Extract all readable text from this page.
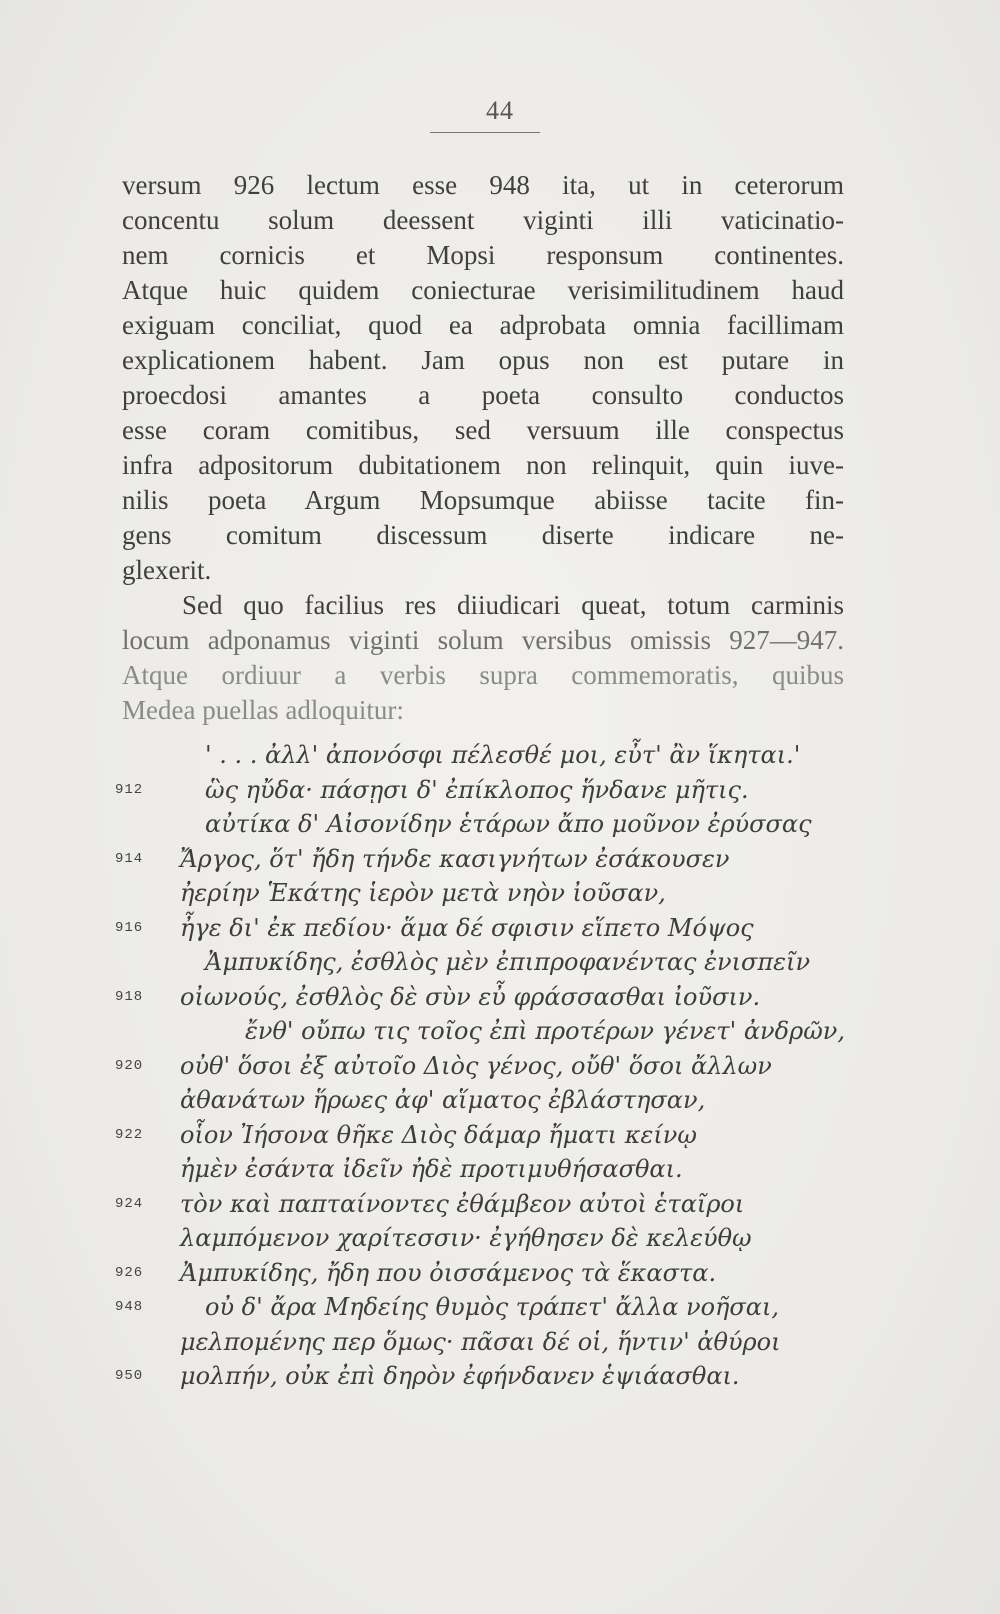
44
versum 926 lectum esse 948 ita, ut in ceterorum
concentu solum deessent viginti illi vaticinatio-
nem cornicis et Mopsi responsum continentes.
Atque huic quidem coniecturae verisimilitudinem haud
exiguam conciliat, quod ea adprobata omnia facillimam
explicationem habent. Jam opus non est putare in
proecdosi amantes a poeta consulto conductos
esse coram comitibus, sed versuum ille conspectus
infra adpositorum dubitationem non relinquit, quin iuve-
nilis poeta Argum Mopsumque abiisse tacite fin-
gens comitum discessum diserte indicare ne-
glexerit.
Sed quo facilius res diiudicari queat, totum carminis
locum adponamus viginti solum versibus omissis 927—947.
Atque ordiuur a verbis supra commemoratis, quibus
Medea puellas adloquitur:
' . . . ἀλλ' ἀπονόσφι πέλεσθέ μοι, εὖτ' ἂν ἵκηται.'
912	ὣς ηὔδα· πάσῃσι δ' ἐπίκλοπος ἥνδανε μῆτις.
αὐτίκα δ' Αἰσονίδην ἑτάρων ἄπο μοῦνον ἐρύσσας
914	Ἄργος, ὅτ' ἤδη τήνδε κασιγνήτων ἐσάκουσεν
ἠερίην Ἑκάτης ἱερὸν μετὰ νηὸν ἰοῦσαν,
916	ἦγε δι' ἐκ πεδίου· ἅμα δέ σφισιν εἵπετο Μόψος
Ἀμπυκίδης, ἐσθλὸς μὲν ἐπιπροφανέντας ἐνισπεῖν
918	οἰωνούς, ἐσθλὸς δὲ σὺν εὖ φράσσασθαι ἰοῦσιν.
ἔνθ' οὔπω τις τοῖος ἐπὶ προτέρων γένετ' ἀνδρῶν,
920	οὐθ' ὅσοι ἐξ αὐτοῖο Διὸς γένος, οὔθ' ὅσοι ἄλλων
ἀθανάτων ἥρωες ἀφ' αἵματος ἐβλάστησαν,
922	οἷον Ἰήσονα θῆκε Διὸς δάμαρ ἤματι κείνῳ
ἠμὲν ἐσάντα ἰδεῖν ἠδὲ προτιμυθήσασθαι.
924	τὸν καὶ παπταίνοντες ἐθάμβεον αὐτοὶ ἑταῖροι
λαμπόμενον χαρίτεσσιν· ἐγήθησεν δὲ κελεύθῳ
926	Ἀμπυκίδης, ἤδη που ὀισσάμενος τὰ ἕκαστα.
948	οὐ δ' ἄρα Μηδείης θυμὸς τράπετ' ἄλλα νοῆσαι,
μελπομένης περ ὅμως· πᾶσαι δέ οἱ, ἥντιν' ἀθύροι
950	μολπήν, οὐκ ἐπὶ δηρὸν ἐφήνδανεν ἑψιάασθαι.
